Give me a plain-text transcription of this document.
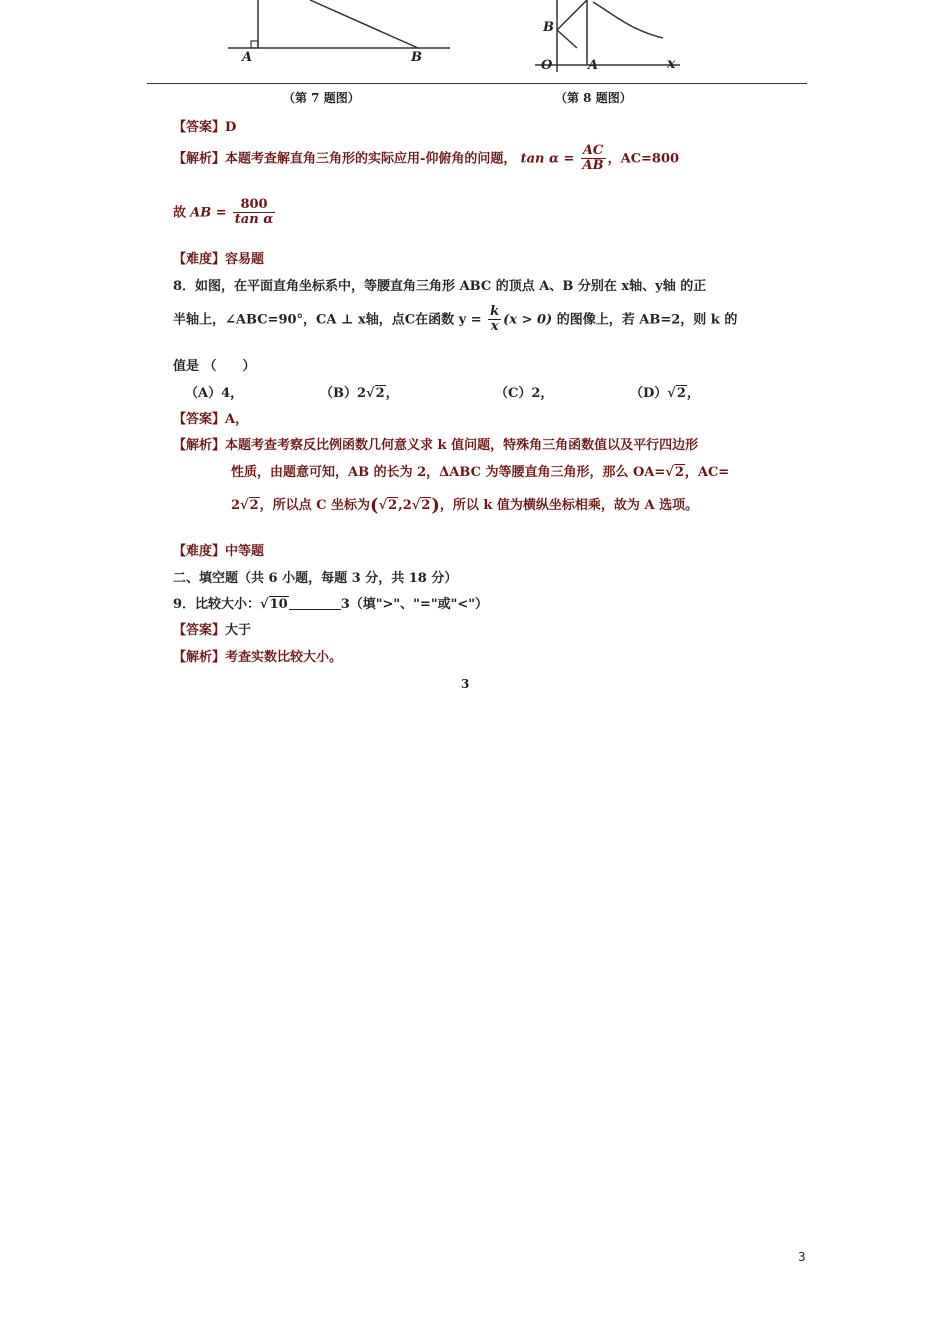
A	B
B
O	A	x
（第 7 题图）	（第 8 题图）
【答案】D
【解析】本题考查解直角三角形的实际应用-仰俯角的问题， $\tan \alpha = \frac{AC}{AB}$ ，AC=800
故 AB = $\frac{800}{\text{tan α}}$
【难度】容易题
8．如图，在平面直角坐标系中，等腰直角三角形 ABC 的顶点 A、B 分别在 x轴、y轴 的正
半轴上，∠ABC=90°，CA ⊥ x轴，点C在函数 $y = \frac{k}{x} (x > 0)$ 的图像上，若 AB=2，则 k 的
值是 （　　）
（A）4，	（B）2√2，	（C）2，	（D）√2，
【答案】A，
【解析】本题考查考察反比例函数几何意义求 k 值问题，特殊角三角函数值以及平行四边形
性质，由题意可知，AB 的长为 2，ΔABC 为等腰直角三角形，那么 OA=√2，AC=
2√2，所以点 C 坐标为(√2,2√2)，所以 k 值为横纵坐标相乘，故为 A 选项。
【难度】中等题
二、填空题（共 6 小题，每题 3 分，共 18 分）
9．比较大小：√10	3（填">"、"="或"<"）
【答案】大于
【解析】考查实数比较大小。
3
3
